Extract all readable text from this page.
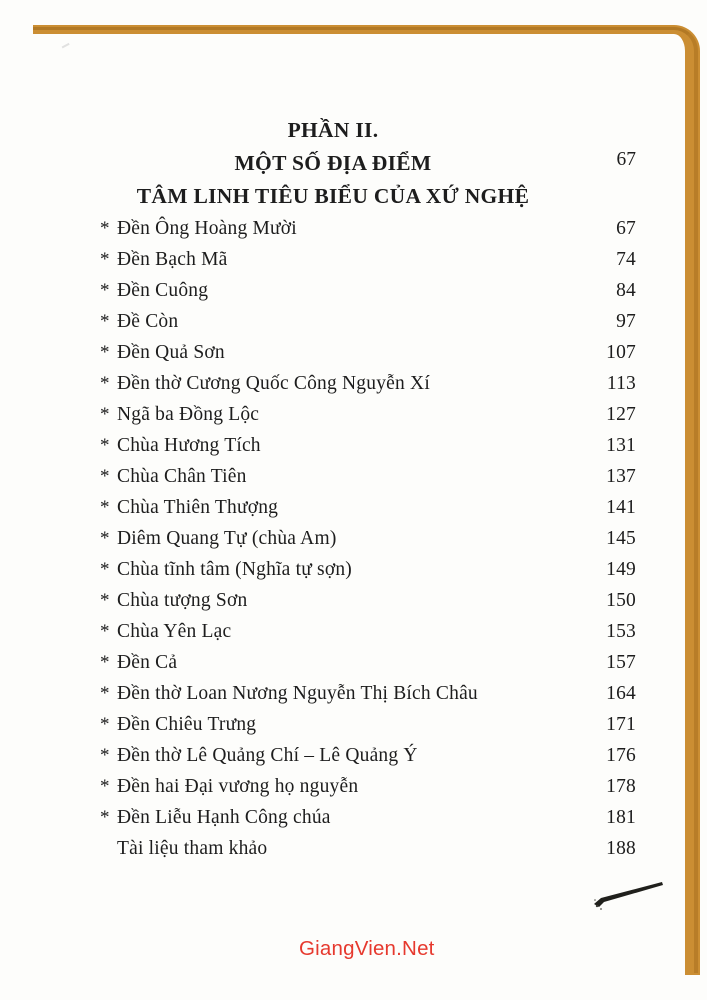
PHẦN II.
MỘT SỐ ĐỊA ĐIỂM
TÂM LINH TIÊU BIỂU CỦA XỨ NGHỆ
67
* Đền Ông Hoàng Mười	67
* Đền Bạch Mã	74
* Đền Cuông	84
* Đề Còn	97
* Đền Quả Sơn	107
* Đền thờ Cương Quốc Công Nguyễn Xí	113
* Ngã ba Đồng Lộc	127
* Chùa Hương Tích	131
* Chùa Chân Tiên	137
* Chùa Thiên Thượng	141
* Diêm Quang Tự (chùa Am)	145
* Chùa tĩnh tâm (Nghĩa tự sợn)	149
* Chùa tượng Sơn	150
* Chùa Yên Lạc	153
* Đền Cả	157
* Đền thờ Loan Nương Nguyễn Thị Bích Châu	164
* Đền Chiêu Trưng	171
* Đền thờ Lê Quảng Chí – Lê Quảng Ý	176
* Đền hai Đại vương họ nguyễn	178
* Đền Liễu Hạnh Công chúa	181
Tài liệu tham khảo	188
GiangVien.Net
